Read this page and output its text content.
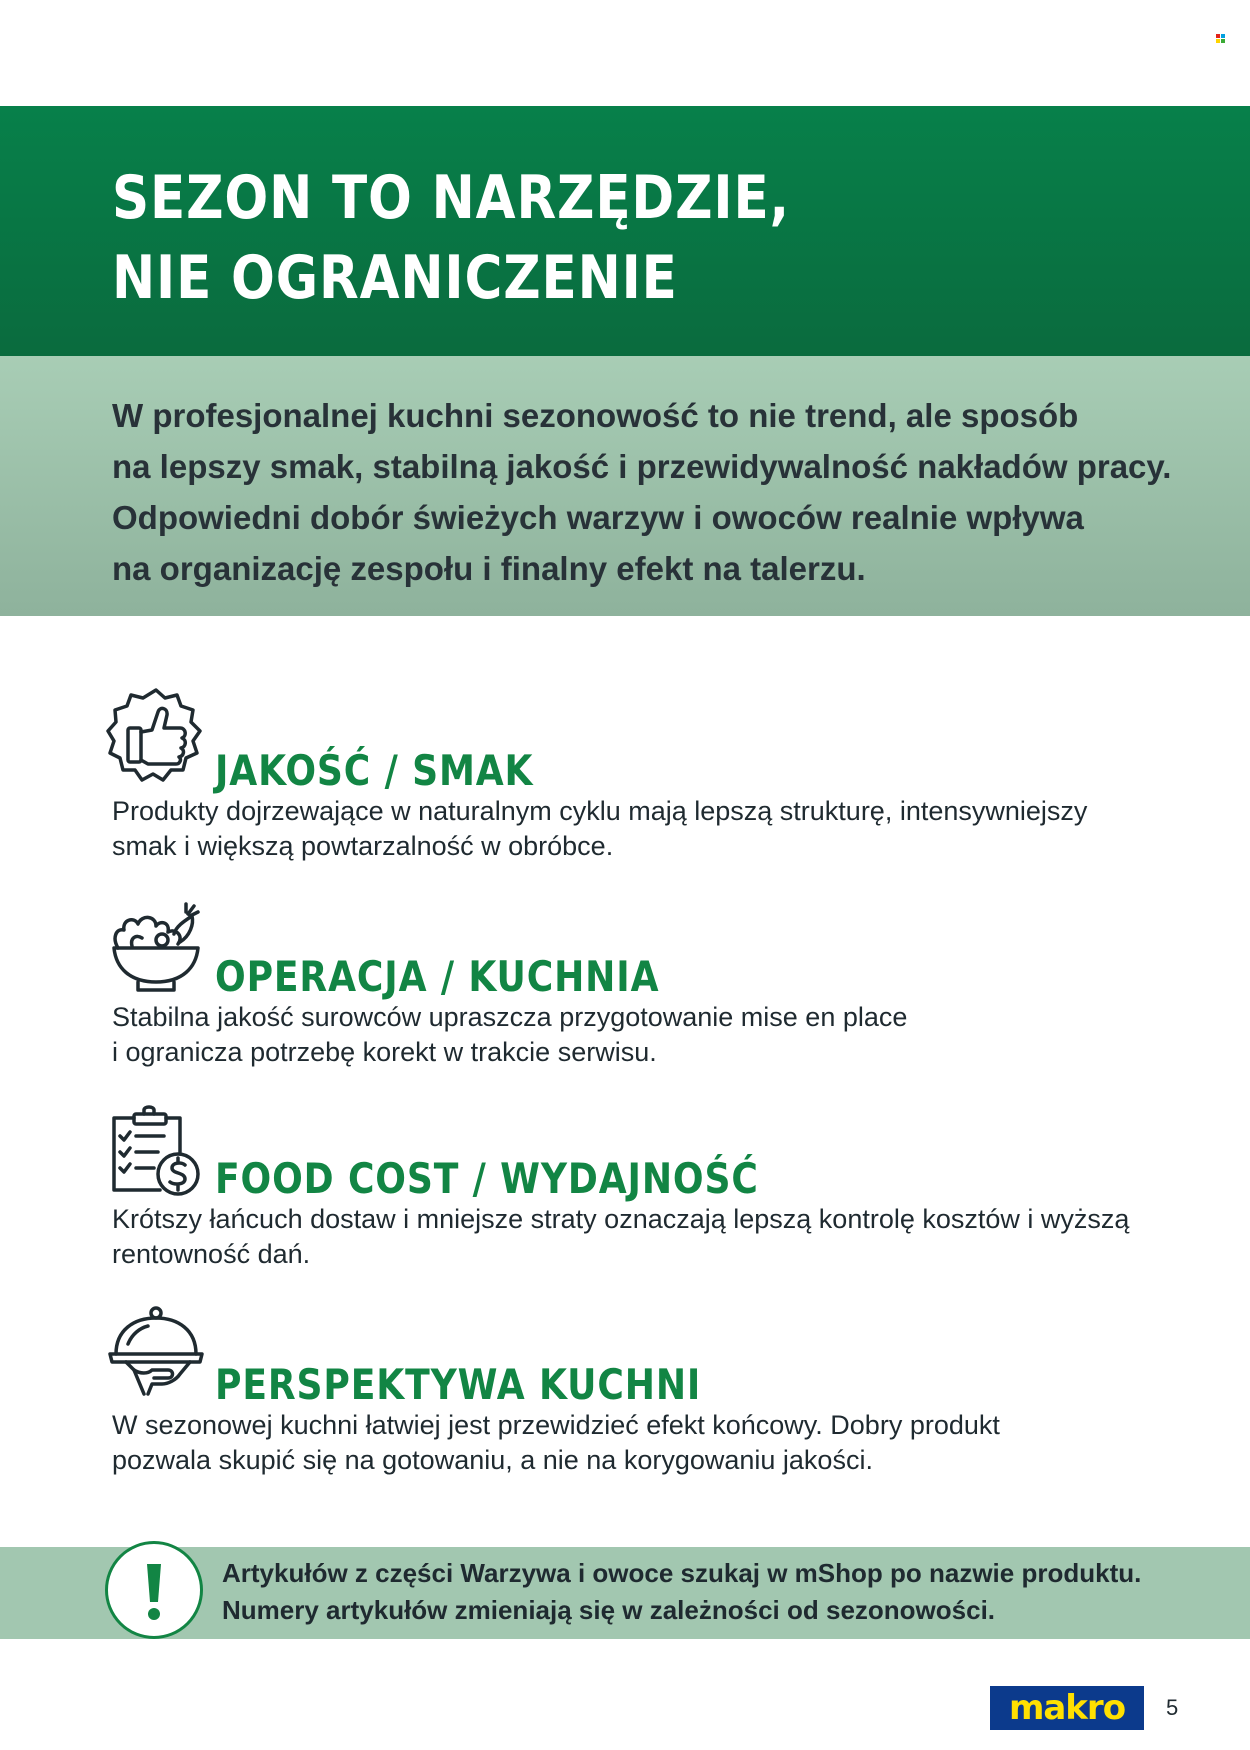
SEZON TO NARZĘDZIE,
NIE OGRANICZENIE

W profesjonalnej kuchni sezonowość to nie trend, ale sposób
na lepszy smak, stabilną jakość i przewidywalność nakładów pracy.
Odpowiedni dobór świeżych warzyw i owoców realnie wpływa
na organizację zespołu i finalny efekt na talerzu.

JAKOŚĆ / SMAK

Produkty dojrzewające w naturalnym cyklu mają lepszą strukturę, intensywniejszy
smak i większą powtarzalność w obróbce.

OPERACJA / KUCHNIA

Stabilna jakość surowców upraszcza przygotowanie mise en place
i ogranicza potrzebę korekt w trakcie serwisu.

FOOD COST / WYDAJNOŚĆ

Krótszy łańcuch dostaw i mniejsze straty oznaczają lepszą kontrolę kosztów i wyższą
rentowność dań.

PERSPEKTYWA KUCHNI

W sezonowej kuchni łatwiej jest przewidzieć efekt końcowy. Dobry produkt
pozwala skupić się na gotowaniu, a nie na korygowaniu jakości.

Artykułów z części Warzywa i owoce szukaj w mShop po nazwie produktu.
Numery artykułów zmieniają się w zależności od sezonowości.

makro	5
